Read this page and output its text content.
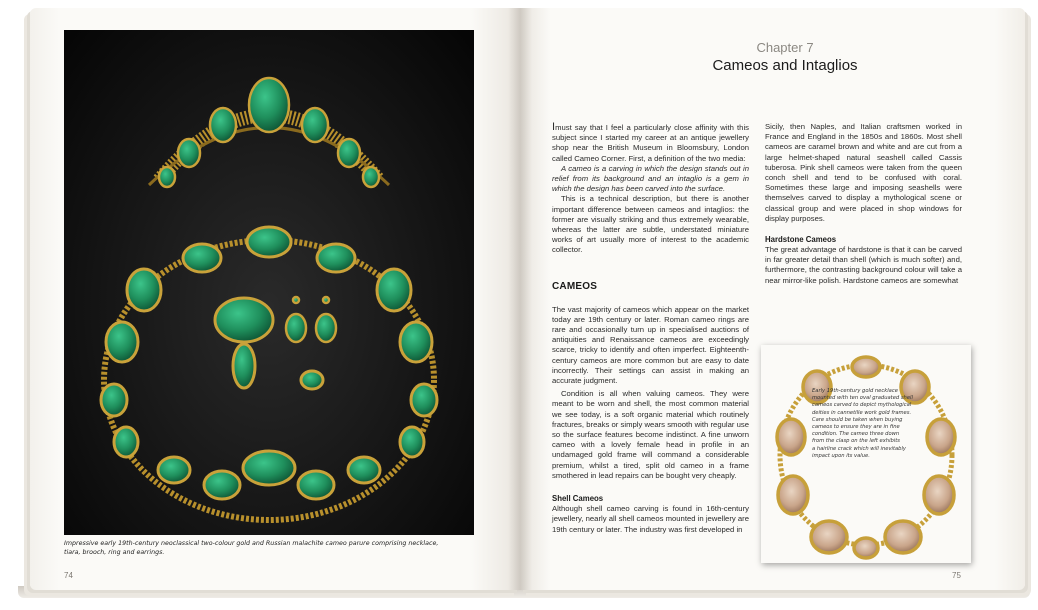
Impressive early 19th-century neoclassical two-colour gold and Russian malachite cameo parure comprising necklace,
tiara, brooch, ring and earrings.
74
Chapter 7
Cameos and Intaglios

Imust say that I feel a particularly close affinity with this subject since I started my career at an antique jewellery shop near the British Museum in Bloomsbury, London called Cameo Corner. First, a definition of the two media:

A cameo is a carving in which the design stands out in relief from its background and an intaglio is a gem in which the design has been carved into the surface.

This is a technical description, but there is another important difference between cameos and intaglios: the former are visually striking and thus extremely wearable, whereas the latter are subtle, understated miniature works of art usually more of interest to the academic collector.

CAMEOS

The vast majority of cameos which appear on the market today are 19th century or later. Roman cameo rings are rare and occasionally turn up in specialised auctions of antiquities and Renaissance cameos are exceedingly scarce, tricky to identify and often imperfect. Eighteenth-century cameos are more common but are easy to date incorrectly. Their settings can assist in making an accurate judgment.

Condition is all when valuing cameos. They were meant to be worn and shell, the most common material we see today, is a soft organic material which routinely fractures, breaks or simply wears smooth with regular use so the surface features become indistinct. A fine unworn cameo with a lovely female head in profile in an undamaged gold frame will command a considerable premium, whilst a tired, split old cameo in a frame smothered in lead repairs can be bought very cheaply.

Shell Cameos

Although shell cameo carving is found in 16th-century jewellery, nearly all shell cameos mounted in jewellery are 19th century or later. The industry was first developed in

Sicily, then Naples, and Italian craftsmen worked in France and England in the 1850s and 1860s. Most shell cameos are caramel brown and white and are cut from a large helmet-shaped natural seashell called Cassis tuberosa. Pink shell cameos were taken from the queen conch shell and tend to be confused with coral. Sometimes these large and imposing seashells were themselves carved to display a mythological scene or classical group and were placed in shop windows for display purposes.

Hardstone Cameos

The great advantage of hardstone is that it can be carved in far greater detail than shell (which is much softer) and, furthermore, the contrasting background colour will take a near mirror-like polish. Hardstone cameos are somewhat

Early 19th-century gold necklace
mounted with ten oval graduated shell
cameos carved to depict mythological
deities in cannetille work gold frames.
Care should be taken when buying
cameos to ensure they are in fine
condition. The cameo three down
from the clasp on the left exhibits
a hairline crack which will inevitably
impact upon its value.
75
